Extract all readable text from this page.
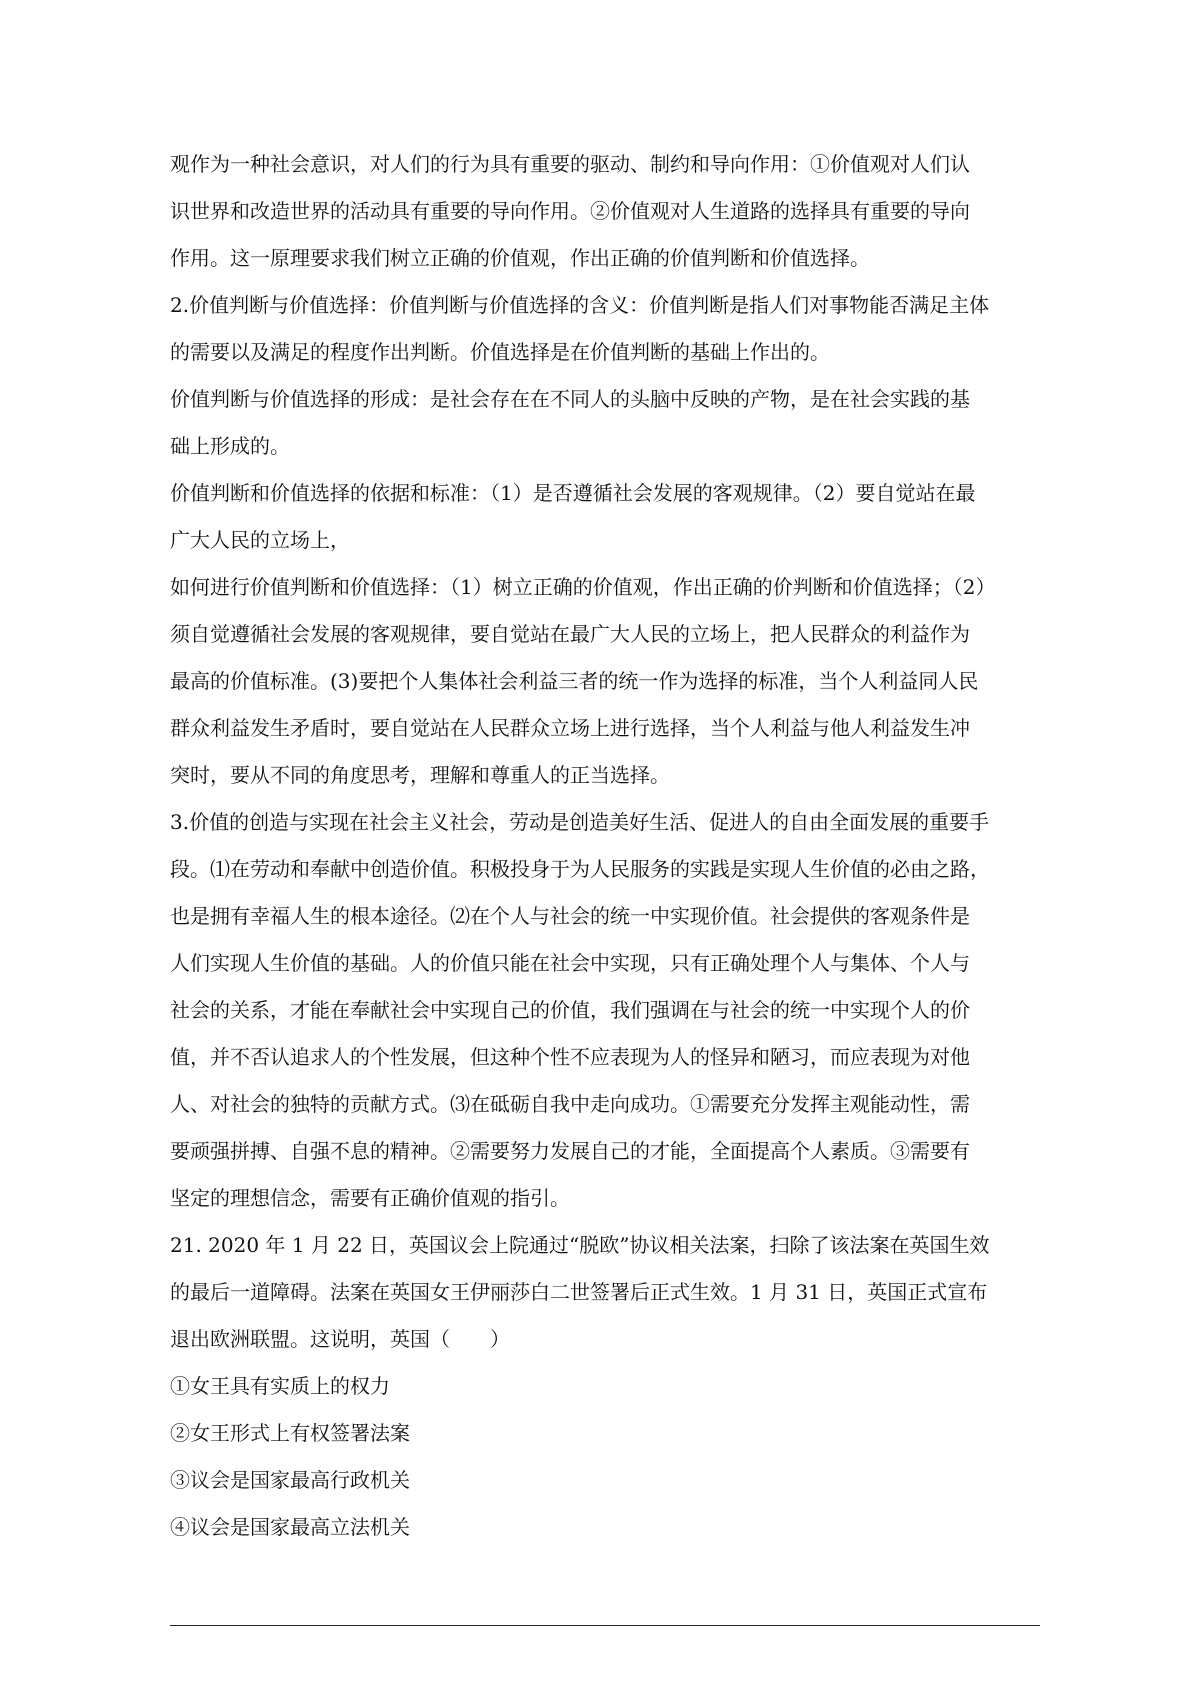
观作为一种社会意识，对人们的行为具有重要的驱动、制约和导向作用：①价值观对人们认
识世界和改造世界的活动具有重要的导向作用。②价值观对人生道路的选择具有重要的导向
作用。这一原理要求我们树立正确的价值观，作出正确的价值判断和价值选择。
2.价值判断与价值选择：价值判断与价值选择的含义：价值判断是指人们对事物能否满足主体
的需要以及满足的程度作出判断。价值选择是在价值判断的基础上作出的。
价值判断与价值选择的形成：是社会存在在不同人的头脑中反映的产物，是在社会实践的基
础上形成的。
价值判断和价值选择的依据和标准：（1）是否遵循社会发展的客观规律。（2）要自觉站在最
广大人民的立场上，
如何进行价值判断和价值选择：（1）树立正确的价值观，作出正确的价判断和价值选择；（2）
须自觉遵循社会发展的客观规律，要自觉站在最广大人民的立场上，把人民群众的利益作为
最高的价值标准。(3)要把个人集体社会利益三者的统一作为选择的标准，当个人利益同人民
群众利益发生矛盾时，要自觉站在人民群众立场上进行选择，当个人利益与他人利益发生冲
突时，要从不同的角度思考，理解和尊重人的正当选择。
3.价值的创造与实现在社会主义社会，劳动是创造美好生活、促进人的自由全面发展的重要手
段。⑴在劳动和奉献中创造价值。积极投身于为人民服务的实践是实现人生价值的必由之路，
也是拥有幸福人生的根本途径。⑵在个人与社会的统一中实现价值。社会提供的客观条件是
人们实现人生价值的基础。人的价值只能在社会中实现，只有正确处理个人与集体、个人与
社会的关系，才能在奉献社会中实现自己的价值，我们强调在与社会的统一中实现个人的价
值，并不否认追求人的个性发展，但这种个性不应表现为人的怪异和陋习，而应表现为对他
人、对社会的独特的贡献方式。⑶在砥砺自我中走向成功。①需要充分发挥主观能动性，需
要顽强拼搏、自强不息的精神。②需要努力发展自己的才能，全面提高个人素质。③需要有
坚定的理想信念，需要有正确价值观的指引。
21. 2020 年 1 月 22 日，英国议会上院通过“脱欧”协议相关法案，扫除了该法案在英国生效
的最后一道障碍。法案在英国女王伊丽莎白二世签署后正式生效。1 月 31 日，英国正式宣布
退出欧洲联盟。这说明，英国（　　）
①女王具有实质上的权力
②女王形式上有权签署法案
③议会是国家最高行政机关
④议会是国家最高立法机关
